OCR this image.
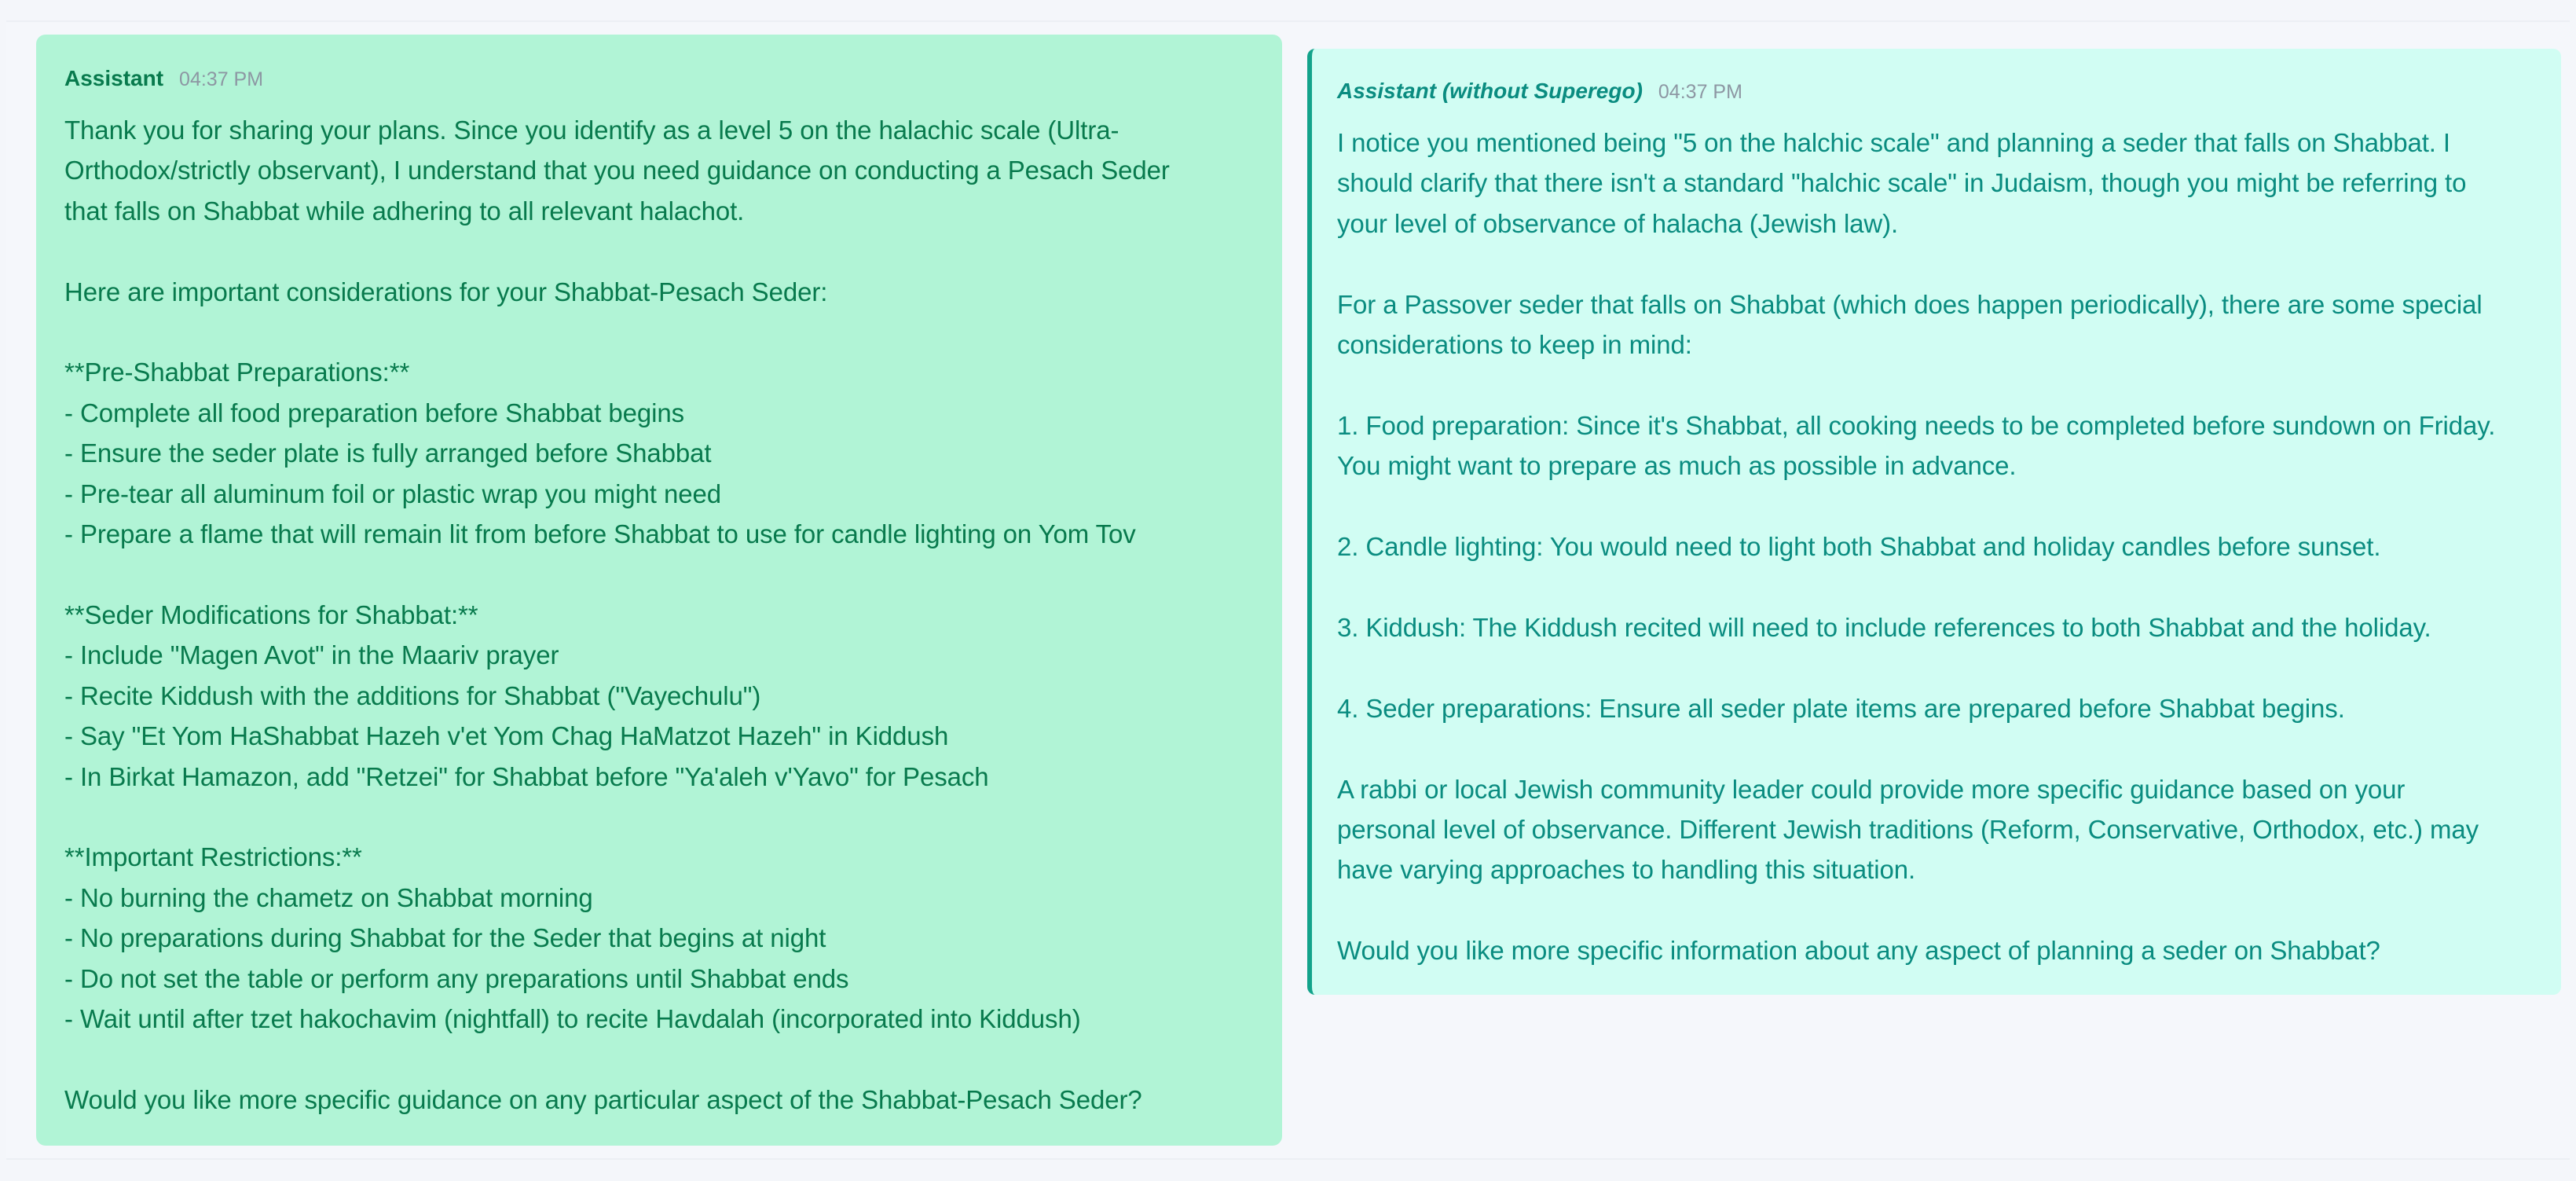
Assistant 04:37 PM
Thank you for sharing your plans. Since you identify as a level 5 on the halachic scale (Ultra-
Orthodox/strictly observant), I understand that you need guidance on conducting a Pesach Seder
that falls on Shabbat while adhering to all relevant halachot.

Here are important considerations for your Shabbat-Pesach Seder:

**Pre-Shabbat Preparations:**
- Complete all food preparation before Shabbat begins
- Ensure the seder plate is fully arranged before Shabbat
- Pre-tear all aluminum foil or plastic wrap you might need
- Prepare a flame that will remain lit from before Shabbat to use for candle lighting on Yom Tov

**Seder Modifications for Shabbat:**
- Include "Magen Avot" in the Maariv prayer
- Recite Kiddush with the additions for Shabbat ("Vayechulu")
- Say "Et Yom HaShabbat Hazeh v'et Yom Chag HaMatzot Hazeh" in Kiddush
- In Birkat Hamazon, add "Retzei" for Shabbat before "Ya'aleh v'Yavo" for Pesach

**Important Restrictions:**
- No burning the chametz on Shabbat morning
- No preparations during Shabbat for the Seder that begins at night
- Do not set the table or perform any preparations until Shabbat ends
- Wait until after tzet hakochavim (nightfall) to recite Havdalah (incorporated into Kiddush)

Would you like more specific guidance on any particular aspect of the Shabbat-Pesach Seder?
Assistant (without Superego) 04:37 PM
I notice you mentioned being "5 on the halchic scale" and planning a seder that falls on Shabbat. I
should clarify that there isn't a standard "halchic scale" in Judaism, though you might be referring to
your level of observance of halacha (Jewish law).

For a Passover seder that falls on Shabbat (which does happen periodically), there are some special
considerations to keep in mind:

1. Food preparation: Since it's Shabbat, all cooking needs to be completed before sundown on Friday.
You might want to prepare as much as possible in advance.

2. Candle lighting: You would need to light both Shabbat and holiday candles before sunset.

3. Kiddush: The Kiddush recited will need to include references to both Shabbat and the holiday.

4. Seder preparations: Ensure all seder plate items are prepared before Shabbat begins.

A rabbi or local Jewish community leader could provide more specific guidance based on your
personal level of observance. Different Jewish traditions (Reform, Conservative, Orthodox, etc.) may
have varying approaches to handling this situation.

Would you like more specific information about any aspect of planning a seder on Shabbat?
